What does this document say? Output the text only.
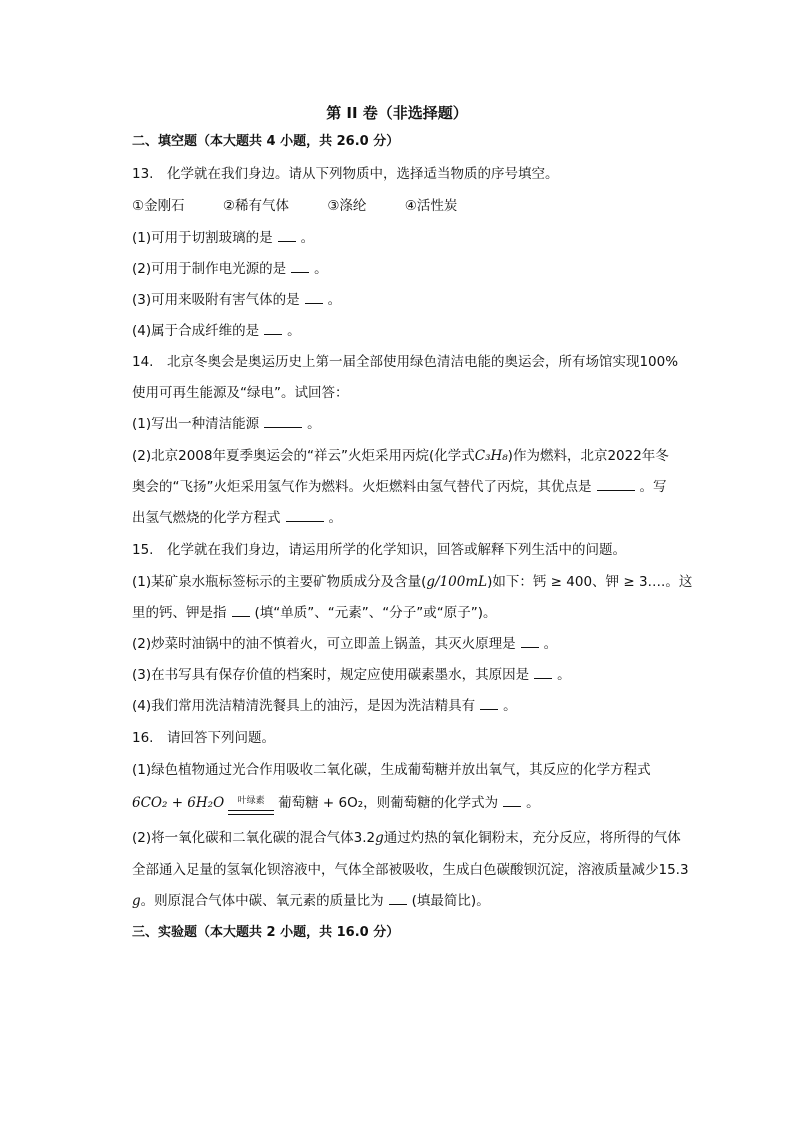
第 II 卷（非选择题）
二、填空题（本大题共 4 小题，共 26.0 分）
13.　化学就在我们身边。请从下列物质中，选择适当物质的序号填空。
①金刚石	②稀有气体	③涤纶	④活性炭
(1)可用于切割玻璃的是 。
(2)可用于制作电光源的是 。
(3)可用来吸附有害气体的是 。
(4)属于合成纤维的是 。
14.　北京冬奥会是奥运历史上第一届全部使用绿色清洁电能的奥运会，所有场馆实现100%
使用可再生能源及“绿电”。试回答：
(1)写出一种清洁能源	。
(2)北京2008年夏季奥运会的“祥云”火炬采用丙烷(化学式C₃H₈)作为燃料，北京2022年冬
奥会的“飞扬”火炬采用氢气作为燃料。火炬燃料由氢气替代了丙烷，其优点是	。写
出氢气燃烧的化学方程式	。
15.　化学就在我们身边，请运用所学的化学知识，回答或解释下列生活中的问题。
(1)某矿泉水瓶标签标示的主要矿物质成分及含量(g/100mL)如下：钙 ≥ 400、钾 ≥ 3….。这
里的钙、钾是指 (填“单质”、“元素”、“分子”或“原子”)。
(2)炒菜时油锅中的油不慎着火，可立即盖上锅盖，其灭火原理是 。
(3)在书写具有保存价值的档案时，规定应使用碳素墨水，其原因是 。
(4)我们常用洗洁精清洗餐具上的油污，是因为洗洁精具有 。
16.　请回答下列问题。
(1)绿色植物通过光合作用吸收二氧化碳，生成葡萄糖并放出氧气，其反应的化学方程式
6CO₂ + 6H₂O	叶绿素	葡萄糖 + 6O₂，则葡萄糖的化学式为 。
(2)将一氧化碳和二氧化碳的混合气体3.2g通过灼热的氧化铜粉末，充分反应，将所得的气体
全部通入足量的氢氧化钡溶液中，气体全部被吸收，生成白色碳酸钡沉淀，溶液质量减少15.3
g。则原混合气体中碳、氧元素的质量比为 (填最简比)。
三、实验题（本大题共 2 小题，共 16.0 分）
